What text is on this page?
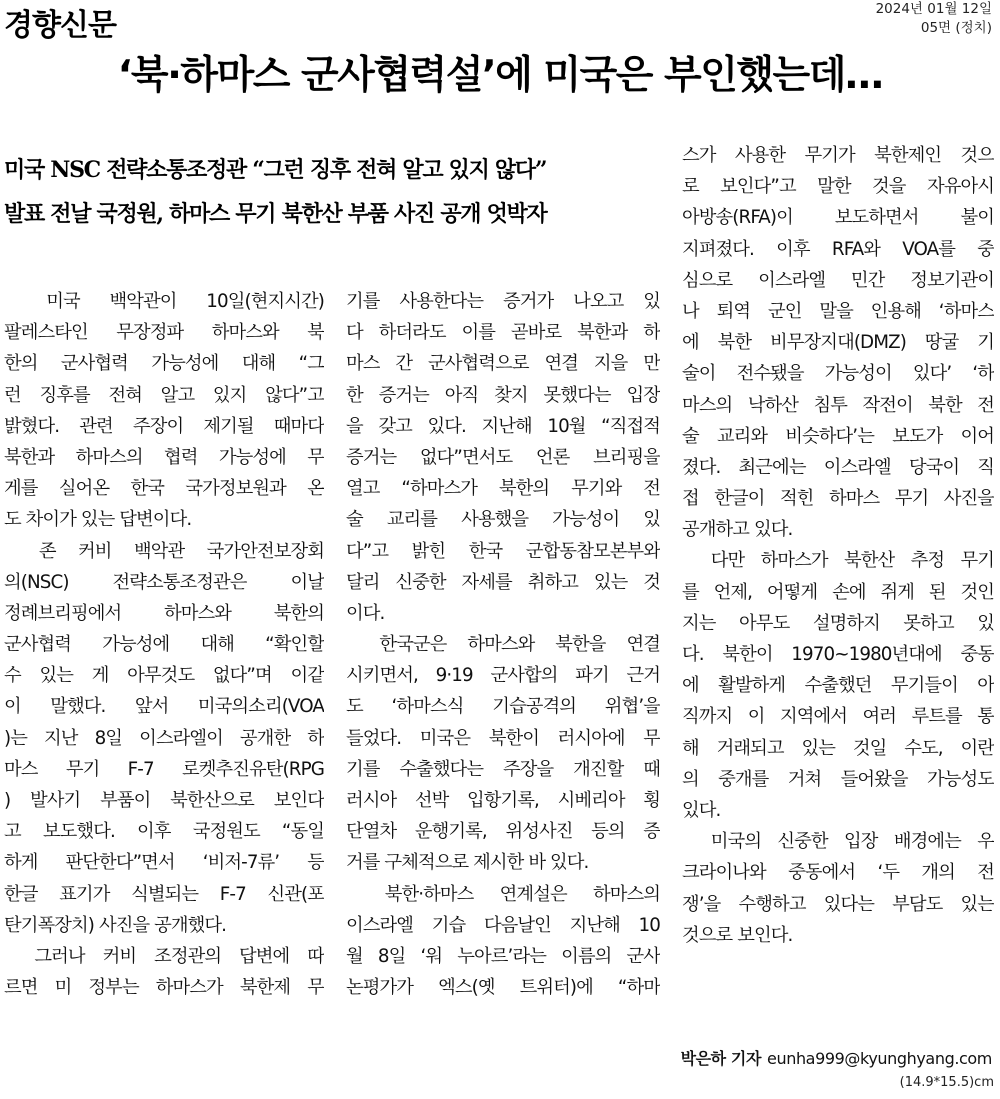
경향신문	2024년 01월 12일
05면 (정치)
‘북·하마스 군사협력설’에 미국은 부인했는데…
미국 NSC 전략소통조정관 “그런 징후 전혀 알고 있지 않다”
발표 전날 국정원, 하마스 무기 북한산 부품 사진 공개 엇박자
　미국 백악관이 10일(현지시간)
팔레스타인 무장정파 하마스와 북
한의 군사협력 가능성에 대해 “그
런 징후를 전혀 알고 있지 않다”고
밝혔다. 관련 주장이 제기될 때마다
북한과 하마스의 협력 가능성에 무
게를 실어온 한국 국가정보원과 온
도 차이가 있는 답변이다.
　존 커비 백악관 국가안전보장회
의(NSC) 전략소통조정관은 이날
정례브리핑에서 하마스와 북한의
군사협력 가능성에 대해 “확인할
수 있는 게 아무것도 없다”며 이같
이 말했다. 앞서 미국의소리(VOA
)는 지난 8일 이스라엘이 공개한 하
마스 무기 F-7 로켓추진유탄(RPG
) 발사기 부품이 북한산으로 보인다
고 보도했다. 이후 국정원도 “동일
하게 판단한다”면서 ‘비저-7류’ 등
한글 표기가 식별되는 F-7 신관(포
탄기폭장치) 사진을 공개했다.
　그러나 커비 조정관의 답변에 따
르면 미 정부는 하마스가 북한제 무
기를 사용한다는 증거가 나오고 있
다 하더라도 이를 곧바로 북한과 하
마스 간 군사협력으로 연결 지을 만
한 증거는 아직 찾지 못했다는 입장
을 갖고 있다. 지난해 10월 “직접적
증거는 없다”면서도 언론 브리핑을
열고 “하마스가 북한의 무기와 전
술 교리를 사용했을 가능성이 있
다”고 밝힌 한국 군합동참모본부와
달리 신중한 자세를 취하고 있는 것
이다.
　한국군은 하마스와 북한을 연결
시키면서, 9·19 군사합의 파기 근거
도 ‘하마스식 기습공격의 위협’을
들었다. 미국은 북한이 러시아에 무
기를 수출했다는 주장을 개진할 때
러시아 선박 입항기록, 시베리아 횡
단열차 운행기록, 위성사진 등의 증
거를 구체적으로 제시한 바 있다.
　북한·하마스 연계설은 하마스의
이스라엘 기습 다음날인 지난해 10
월 8일 ‘워 누아르’라는 이름의 군사
논평가가 엑스(옛 트위터)에 “하마
스가 사용한 무기가 북한제인 것으
로 보인다”고 말한 것을 자유아시
아방송(RFA)이 보도하면서 불이
지펴졌다. 이후 RFA와 VOA를 중
심으로 이스라엘 민간 정보기관이
나 퇴역 군인 말을 인용해 ‘하마스
에 북한 비무장지대(DMZ) 땅굴 기
술이 전수됐을 가능성이 있다’ ‘하
마스의 낙하산 침투 작전이 북한 전
술 교리와 비슷하다’는 보도가 이어
졌다. 최근에는 이스라엘 당국이 직
접 한글이 적힌 하마스 무기 사진을
공개하고 있다.
　다만 하마스가 북한산 추정 무기
를 언제, 어떻게 손에 쥐게 된 것인
지는 아무도 설명하지 못하고 있
다. 북한이 1970~1980년대에 중동
에 활발하게 수출했던 무기들이 아
직까지 이 지역에서 여러 루트를 통
해 거래되고 있는 것일 수도, 이란
의 중개를 거쳐 들어왔을 가능성도
있다.
　미국의 신중한 입장 배경에는 우
크라이나와 중동에서 ‘두 개의 전
쟁’을 수행하고 있다는 부담도 있는
것으로 보인다.
박은하 기자 eunha999@kyunghyang.com
(14.9*15.5)cm
